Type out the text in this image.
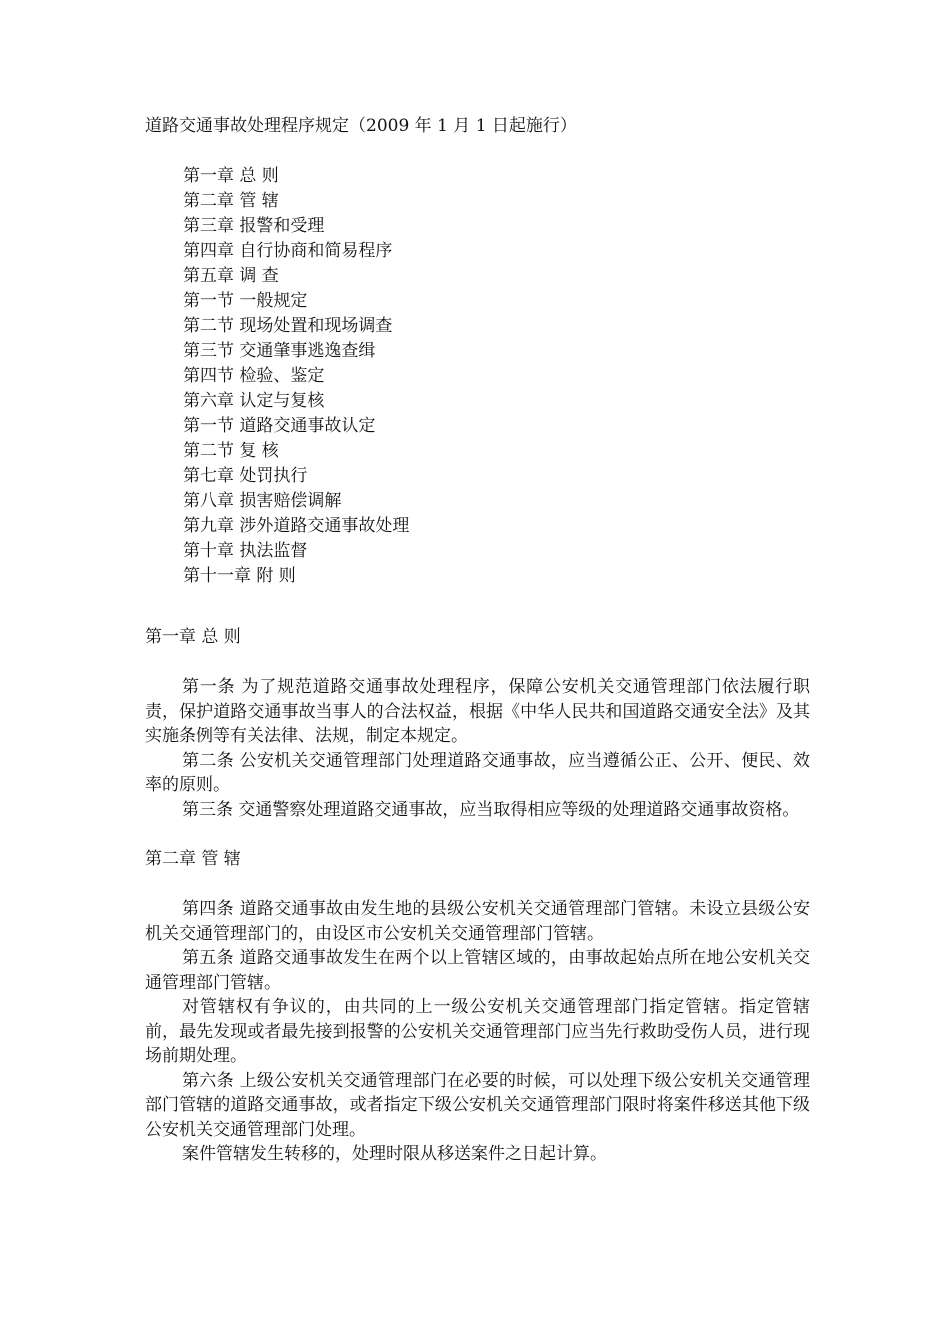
道路交通事故处理程序规定（2009 年 1 月 1 日起施行）
第一章 总 则
第二章 管 辖
第三章 报警和受理
第四章 自行协商和简易程序
第五章 调 查
第一节 一般规定
第二节 现场处置和现场调查
第三节 交通肇事逃逸查缉
第四节 检验、鉴定
第六章 认定与复核
第一节 道路交通事故认定
第二节 复 核
第七章 处罚执行
第八章 损害赔偿调解
第九章 涉外道路交通事故处理
第十章 执法监督
第十一章 附 则
第一章 总 则

第一条 为了规范道路交通事故处理程序，保障公安机关交通管理部门依法履行职责，保护道路交通事故当事人的合法权益，根据《中华人民共和国道路交通安全法》及其实施条例等有关法律、法规，制定本规定。

第二条 公安机关交通管理部门处理道路交通事故，应当遵循公正、公开、便民、效率的原则。

第三条 交通警察处理道路交通事故，应当取得相应等级的处理道路交通事故资格。

第二章 管 辖

第四条 道路交通事故由发生地的县级公安机关交通管理部门管辖。未设立县级公安机关交通管理部门的，由设区市公安机关交通管理部门管辖。

第五条 道路交通事故发生在两个以上管辖区域的，由事故起始点所在地公安机关交通管理部门管辖。

对管辖权有争议的，由共同的上一级公安机关交通管理部门指定管辖。指定管辖前，最先发现或者最先接到报警的公安机关交通管理部门应当先行救助受伤人员，进行现场前期处理。

第六条 上级公安机关交通管理部门在必要的时候，可以处理下级公安机关交通管理部门管辖的道路交通事故，或者指定下级公安机关交通管理部门限时将案件移送其他下级公安机关交通管理部门处理。

案件管辖发生转移的，处理时限从移送案件之日起计算。
